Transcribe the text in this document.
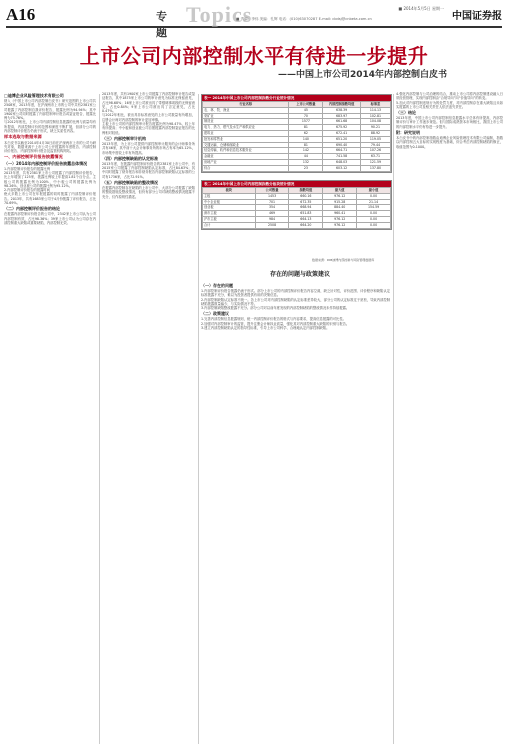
A16	专题
Topics
■ 责编：李伟 美编：孔辉 电话：(010)63070287 E-mail: cbdsj@cnbeta.com.cn
■ 2014年5月5日 星期一
中国证券报
上市公司内部控制水平有待进一步提升
——中国上市公司2014年内部控制白皮书

□迪博企业风险管理技术有限公司

纳入《中国上市公司内部控制白皮书》研究范围的上市公司共2508家，2013年度，在沪深两市上市的公司中共有2381家公司披露了内部控制自我评价报告，披露比例为94.94%；其中1900家公司同时披露了内部控制审计报告或鉴证报告，披露比例为75.76%。

与2012年相比，上市公司内部控制信息披露的比例与质量均有所提高，内部控制评价的范围和深度不断扩展，但部分公司的内部控制评价报告仍流于形式，缺乏实质性内容。

样本选取与数据来源

本白皮书以截至2014年4月30日前在沪深两市上市的公司为研究对象，数据来源于上市公司公开披露的年度报告、内部控制评价报告、内部控制审计报告及监管机构网站。

一、内部控制评价报告披露情况

（一）2014年内部控制评价报告披露总体情况

1.内部控制评价报告的披露比例

2013年度，共有2381家上市公司披露了内部控制评价报告，比上年增加了125家，披露比例较上年提高1.81个百分点。主板公司的披露比例为100%，中小板公司的披露比例为98.26%，创业板公司的披露比例为95.12%。

2.内部控制评价报告的披露时间

绝大多数上市公司在年报披露的同时披露了内部控制评价报告。2013年，共有1683家公司于4月份披露了评价报告，占比70.69%。

（二）内部控制评价报告的结论

在披露内部控制评价报告的公司中，2342家上市公司认为公司内部控制有效，占比98.36%；39家上市公司认为公司存在内部控制重大缺陷或重要缺陷，内部控制无效。

2013年度，共有1900家上市公司披露了内部控制审计报告或鉴证报告，其中1875家上市公司的审计意见为标准无保留意见，占比98.68%；16家上市公司被出具了带强调事项段的无保留意见，占比0.84%；9家上市公司被出具了否定意见，占比0.47%。

与2012年相比，被出具非标准意见的上市公司数量有所增加，注册会计师对内部控制的审计更加审慎。

主板上市公司的内部控制审计报告披露比例为98.47%，较上年有所提高；中小板和创业板公司自愿披露内部控制鉴证报告的比例相对较低。

（三）内部控制审计机构

2013年度，为上市公司提供内部控制审计服务的会计师事务所共有46家，其中前十大会计师事务所的市场占有率为65.12%，市场集中度较上年有所提高。

（四）内部控制缺陷的认定标准

2013年度，在披露内部控制评价报告的2381家上市公司中，有2015家公司披露了内部控制缺陷认定标准，占比84.63%；其中同时披露了财务报告和非财务报告内部控制缺陷认定标准的公司有1736家，占比72.91%。

（五）内部控制缺陷的整改情况

在披露内部控制存在缺陷的上市公司中，大部分公司披露了缺陷的整改措施及整改情况，但仍有部分公司对缺陷整改情况披露不充分，仅作原则性描述。

表一 2014年中国上市公司内部控制指数分行业统计情况
行业名称	上市公司数量	内部控制指数均值	标准差
农、林、牧、渔业	45	638.39	114.13
采矿业	70	683.97	102.81
制造业	1577	661.68	104.08
电力、热力、燃气及水生产和供应业	81	675.92	90.21
建筑业	62	672.41	88.92
批发和零售业	140	651.20	119.05
交通运输、仓储和邮政业	81	690.40	79.44
信息传输、软件和信息技术服务业	142	664.71	107.26
金融业	44	741.58	63.71
房地产业	132	648.03	121.59
综合	23	603.12	137.80
表二 2014年中国上市公司内部控制指数分板块统计情况
板块	公司数量	指数均值	最大值	最小值
主板	1453	660.16	976.12	0.00
中小企业板	701	672.35	915.28	21.14
创业板	354	668.94	884.40	154.59
深市主板	469	651.83	960.41	0.00
沪市主板	984	664.13	976.12	0.00
合计	2508	664.20	976.12	0.00
数据来源：DIB迪博内部控制与风险管理数据库
存在的问题与政策建议

（一）存在的问题

1.内部控制评价报告披露仍流于形式。部分上市公司的内部控制评价报告内容空洞，缺乏针对性，评价范围、评价程序和缺陷认定标准披露不充分，难以为投资者提供有用的决策信息。

2.内部控制缺陷认定标准不统一。各上市公司对内部控制缺陷的认定标准差异较大，部分公司的认定标准过于宽松，导致内部控制缺陷披露数量偏少，与实际情况不符。

3.内部控制缺陷整改披露不充分。部分公司对以前年度发现的内部控制缺陷的整改情况未作持续披露。

（二）政策建议

1.完善内部控制信息披露规则，统一内部控制评价报告的格式与内容要求，提高信息披露的可比性。

2.加强对内部控制审计的监管，提升注册会计师执业质量，强化其对内部控制重大缺陷的识别与报告。

3.建立内部控制缺陷认定的指导性标准，引导上市公司科学、合理地认定内部控制缺陷。

4.强化内部控制与公司治理的结合，推动上市公司将内部控制建设融入日常经营管理，实现内部控制由“合规导向”向“价值导向”的转变。

5.加大对内部控制违规行为的处罚力度，对内部控制存在重大缺陷且未如实披露的上市公司及相关责任人依法追究责任。

（三）结论

2013年度，中国上市公司内部控制信息披露水平总体有所提高，内部控制评价与审计工作逐步规范。但与国际成熟资本市场相比，我国上市公司的内部控制水平仍有待进一步提升。

附：研究说明

本白皮书中的内部控制指数由迪博企业风险管理技术有限公司编制，指数以内部控制五大目标的实现程度为基础，综合考虑内部控制缺陷的修正，取值范围为0-1000。
